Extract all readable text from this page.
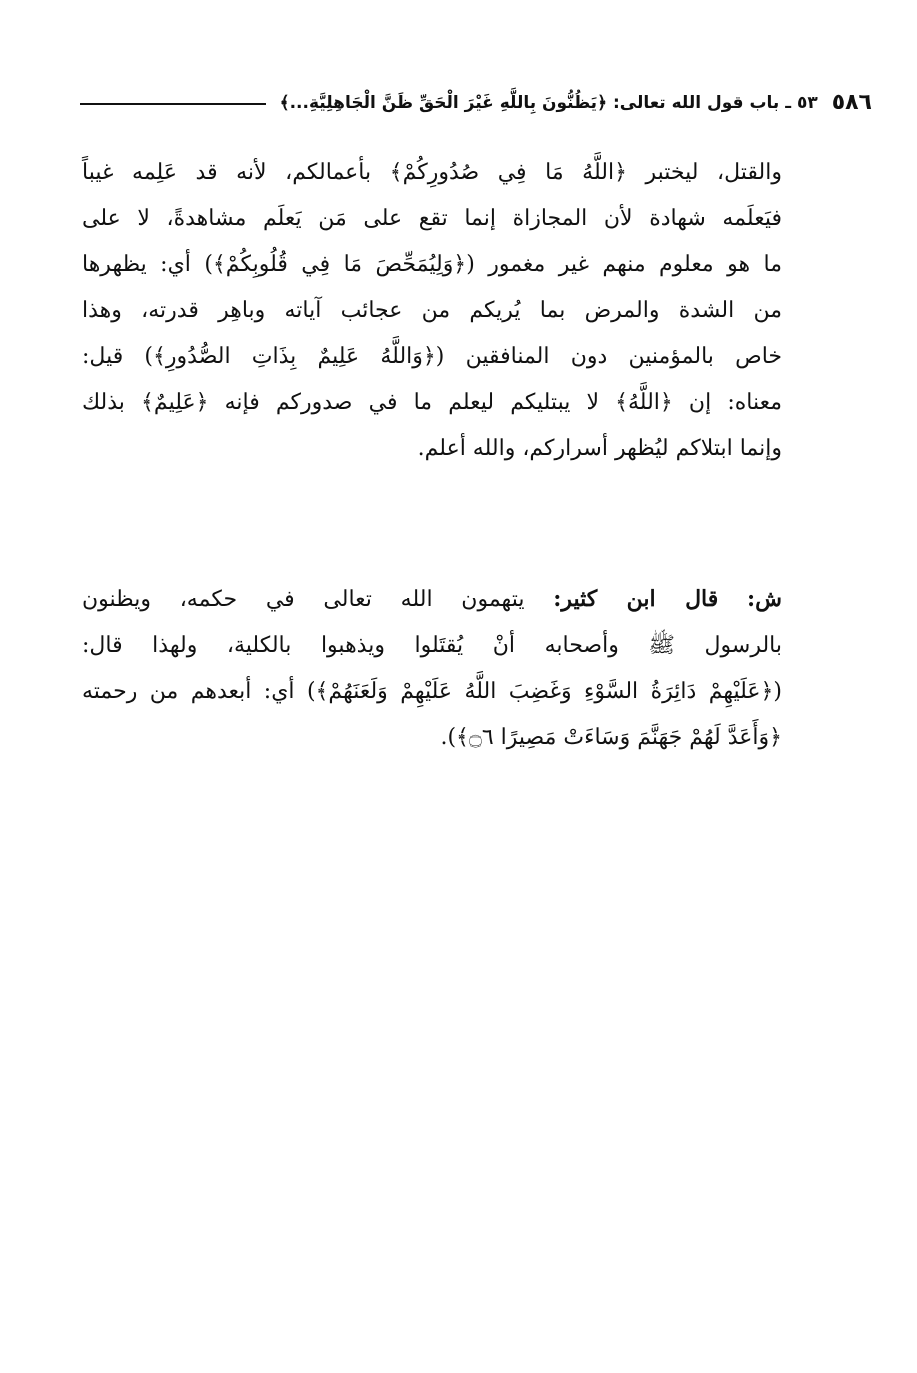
٥٨٦
٥٣ ـ باب قول الله تعالى: ﴿يَظُنُّونَ بِاللَّهِ غَيْرَ الْحَقِّ ظَنَّ الْجَاهِلِيَّةِ...﴾
والقتل، ليختبر ﴿اللَّهُ مَا فِي صُدُورِكُمْ﴾ بأعمالكم، لأنه قد عَلِمه غيباً
فيَعلَمه شهادة لأن المجازاة إنما تقع على مَن يَعلَم مشاهدةً، لا على
ما هو معلوم منهم غير مغمور (﴿وَلِيُمَحِّصَ مَا فِي قُلُوبِكُمْ﴾) أي: يظهرها
من الشدة والمرض بما يُريكم من عجائب آياته وباهِر قدرته، وهذا
خاص بالمؤمنين دون المنافقين (﴿وَاللَّهُ عَلِيمٌ بِذَاتِ الصُّدُورِ﴾) قيل:
معناه: إن ﴿اللَّهُ﴾ لا يبتليكم ليعلم ما في صدوركم فإنه ﴿عَلِيمٌ﴾ بذلك
وإنما ابتلاكم ليُظهر أسراركم، والله أعلم.
ش: قال ابن كثير: يتهمون الله تعالى في حكمه، ويظنون
بالرسول ﷺ وأصحابه أنْ يُقتَلوا ويذهبوا بالكلية، ولهذا قال:
(﴿عَلَيْهِمْ دَائِرَةُ السَّوْءِ وَغَضِبَ اللَّهُ عَلَيْهِمْ وَلَعَنَهُمْ﴾) أي: أبعدهم من رحمته
﴿وَأَعَدَّ لَهُمْ جَهَنَّمَ وَسَاءَتْ مَصِيرًا ۝٦﴾).
